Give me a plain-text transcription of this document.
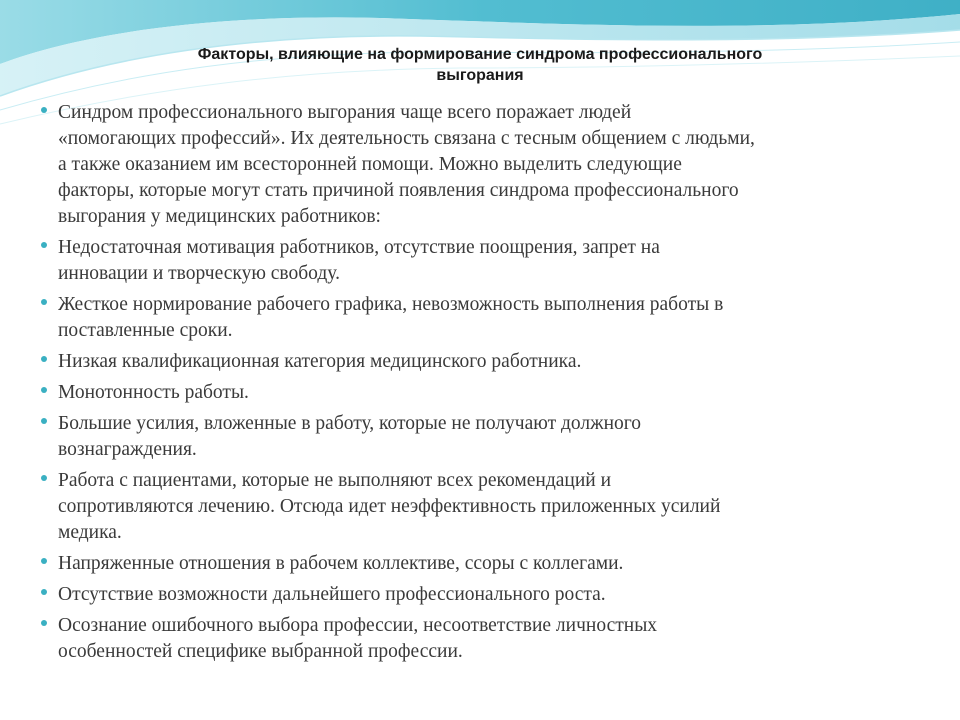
Факторы, влияющие на формирование синдрома профессионального
выгорания
Синдром профессионального выгорания чаще всего поражает людей
«помогающих профессий». Их деятельность связана с тесным общением с людьми,
а также оказанием им всесторонней помощи. Можно выделить следующие
факторы, которые могут стать причиной появления синдрома профессионального
выгорания у медицинских работников:
Недостаточная мотивация работников, отсутствие поощрения, запрет на
инновации и творческую свободу.
Жесткое нормирование рабочего графика, невозможность выполнения работы в
поставленные сроки.
Низкая квалификационная категория медицинского работника.
Монотонность работы.
Большие усилия, вложенные в работу, которые не получают должного
вознаграждения.
Работа с пациентами, которые не выполняют всех рекомендаций и
сопротивляются лечению. Отсюда идет неэффективность приложенных усилий
медика.
Напряженные отношения в рабочем коллективе, ссоры с коллегами.
Отсутствие возможности дальнейшего профессионального роста.
Осознание ошибочного выбора профессии, несоответствие личностных
особенностей специфике выбранной профессии.
